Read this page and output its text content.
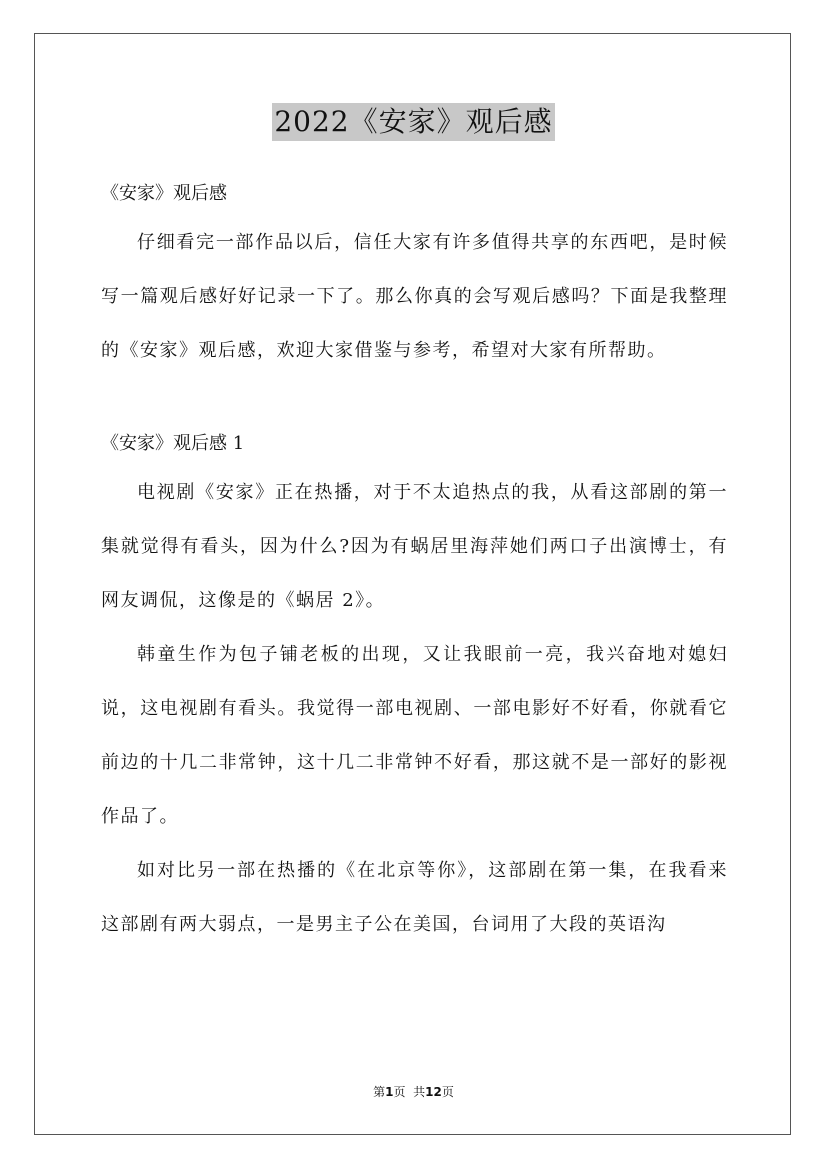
2022《安家》观后感

《安家》观后感

仔细看完一部作品以后，信任大家有许多值得共享的东西吧，是时候写一篇观后感好好记录一下了。那么你真的会写观后感吗？下面是我整理的《安家》观后感，欢迎大家借鉴与参考，希望对大家有所帮助。

《安家》观后感 1

电视剧《安家》正在热播，对于不太追热点的我，从看这部剧的第一集就觉得有看头，因为什么?因为有蜗居里海萍她们两口子出演博士，有网友调侃，这像是的《蜗居 2》。

韩童生作为包子铺老板的出现，又让我眼前一亮，我兴奋地对媳妇说，这电视剧有看头。我觉得一部电视剧、一部电影好不好看，你就看它前边的十几二非常钟，这十几二非常钟不好看，那这就不是一部好的影视作品了。

如对比另一部在热播的《在北京等你》，这部剧在第一集，在我看来这部剧有两大弱点，一是男主子公在美国，台词用了大段的英语沟

第1页 共12页
